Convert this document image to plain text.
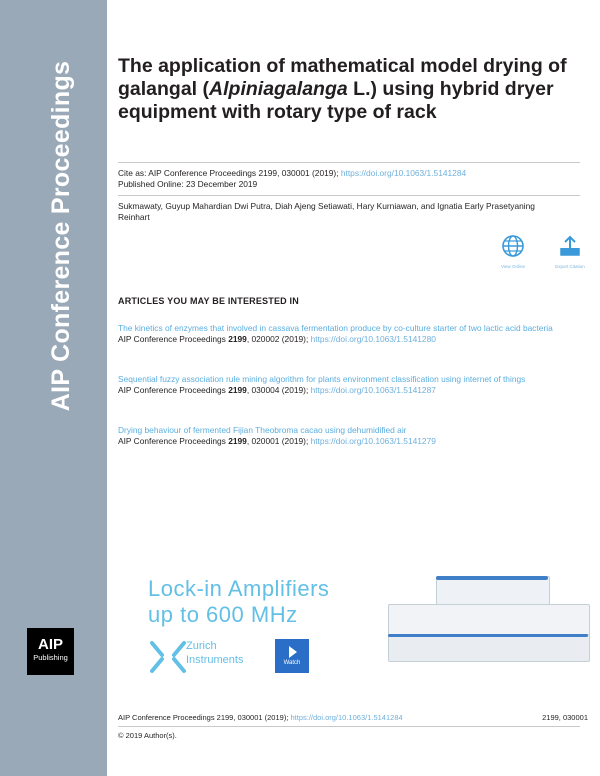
AIP Conference Proceedings
AIP
Publishing
The application of mathematical model drying of galangal (Alpiniagalanga L.) using hybrid dryer equipment with rotary type of rack
Cite as: AIP Conference Proceedings 2199, 030001 (2019); https://doi.org/10.1063/1.5141284
Published Online: 23 December 2019
Sukmawaty, Guyup Mahardian Dwi Putra, Diah Ajeng Setiawati, Hary Kurniawan, and Ignatia Early Prasetyaning Reinhart
View Online	Export Citation
ARTICLES YOU MAY BE INTERESTED IN
The kinetics of enzymes that involved in cassava fermentation produce by co-culture starter of two lactic acid bacteria
AIP Conference Proceedings 2199, 020002 (2019); https://doi.org/10.1063/1.5141280
Sequential fuzzy association rule mining algorithm for plants environment classification using internet of things
AIP Conference Proceedings 2199, 030004 (2019); https://doi.org/10.1063/1.5141287
Drying behaviour of fermented Fijian Theobroma cacao using dehumidified air
AIP Conference Proceedings 2199, 020001 (2019); https://doi.org/10.1063/1.5141279
Lock-in Amplifiers
up to 600 MHz
Zurich
Instruments	Watch
AIP Conference Proceedings 2199, 030001 (2019); https://doi.org/10.1063/1.5141284	2199, 030001
© 2019 Author(s).
